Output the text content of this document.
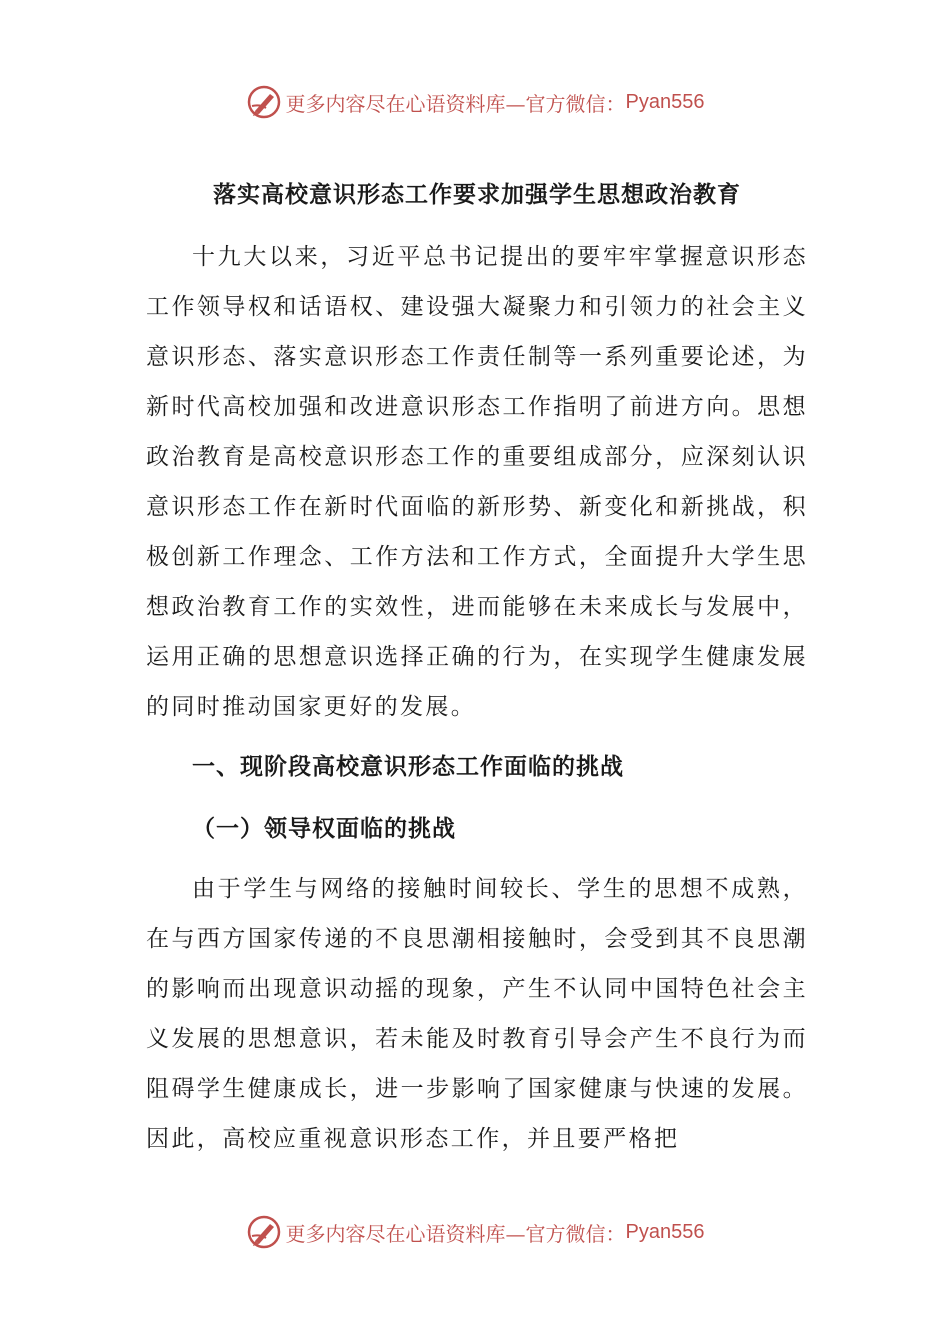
更多内容尽在心语资料库—官方微信： Pyan556
落实高校意识形态工作要求加强学生思想政治教育

十九大以来，习近平总书记提出的要牢牢掌握意识形态工作领导权和话语权、建设强大凝聚力和引领力的社会主义意识形态、落实意识形态工作责任制等一系列重要论述，为新时代高校加强和改进意识形态工作指明了前进方向。思想政治教育是高校意识形态工作的重要组成部分，应深刻认识意识形态工作在新时代面临的新形势、新变化和新挑战，积极创新工作理念、工作方法和工作方式，全面提升大学生思想政治教育工作的实效性，进而能够在未来成长与发展中，运用正确的思想意识选择正确的行为，在实现学生健康发展的同时推动国家更好的发展。

一、现阶段高校意识形态工作面临的挑战
（一）领导权面临的挑战

由于学生与网络的接触时间较长、学生的思想不成熟，在与西方国家传递的不良思潮相接触时，会受到其不良思潮的影响而出现意识动摇的现象，产生不认同中国特色社会主义发展的思想意识，若未能及时教育引导会产生不良行为而阻碍学生健康成长，进一步影响了国家健康与快速的发展。因此，高校应重视意识形态工作，并且要严格把

更多内容尽在心语资料库—官方微信： Pyan556
